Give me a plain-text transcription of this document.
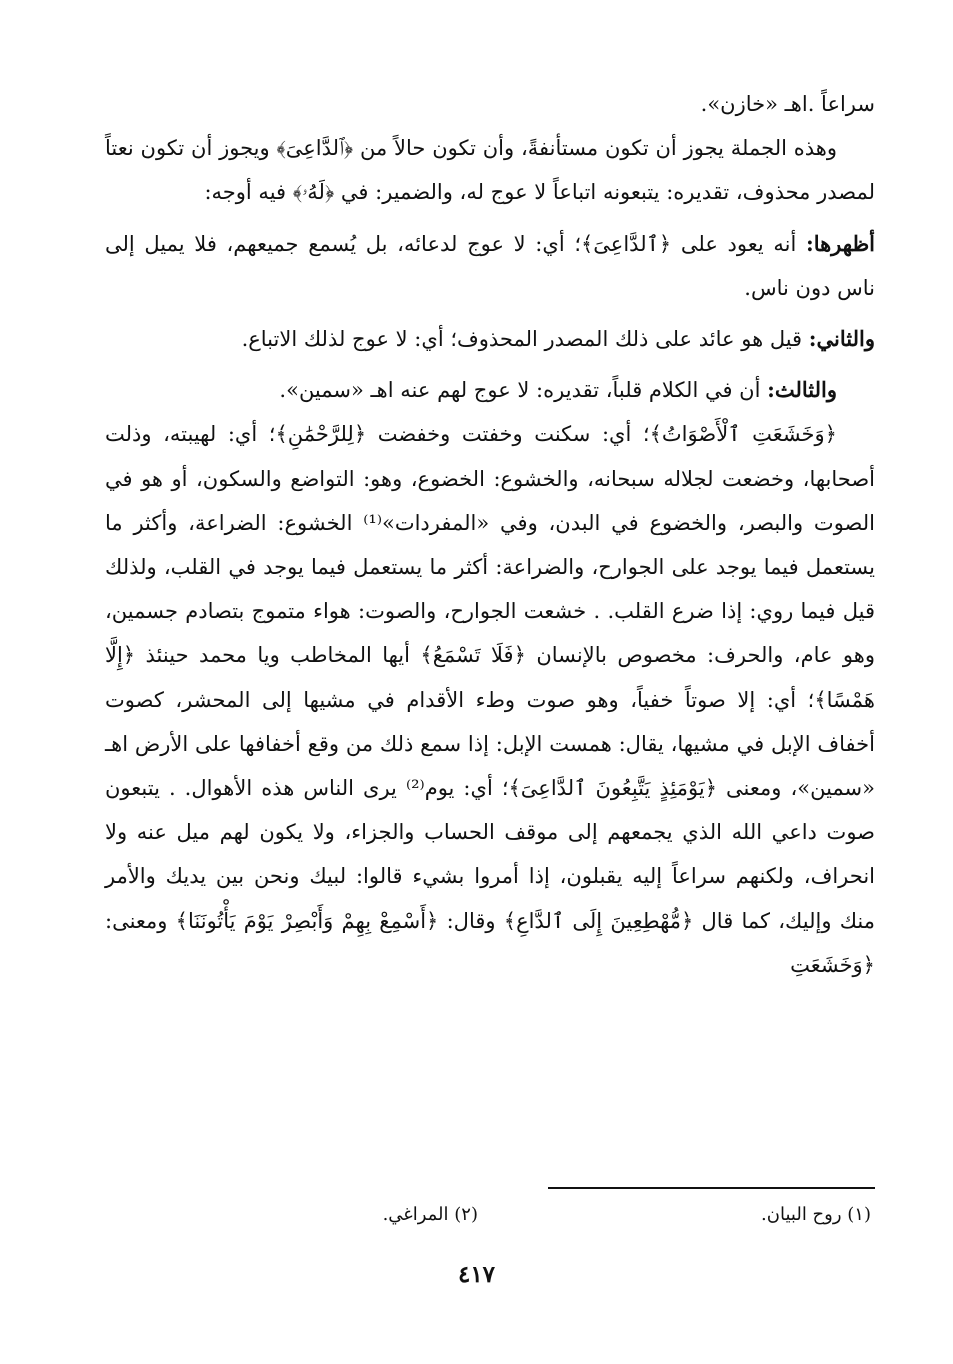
سراعاً .اهـ «خازن».

وهذه الجملة يجوز أن تكون مستأنفةً، وأن تكون حالاً من ﴿ٱلدَّاعِىَ﴾ ويجوز أن تكون نعتاً لمصدر محذوف، تقديره: يتبعونه اتباعاً لا عوج له، والضمير: في ﴿لَهُۥ﴾ فيه أوجه:

أظهرها: أنه يعود على ﴿ٱلدَّاعِىَ﴾؛ أي: لا عوج لدعائه، بل يُسمع جميعهم، فلا يميل إلى ناس دون ناس.

والثاني: قيل هو عائد على ذلك المصدر المحذوف؛ أي: لا عوج لذلك الاتباع.

والثالث: أن في الكلام قلباً، تقديره: لا عوج لهم عنه اهـ «سمين».

﴿وَخَشَعَتِ ٱلْأَصْوَاتُ﴾؛ أي: سكنت وخفتت وخفضت ﴿لِلرَّحْمَٰنِ﴾؛ أي: لهيبته، وذلت أصحابها، وخضعت لجلاله سبحانه، والخشوع: الخضوع، وهو: التواضع والسكون، أو هو في الصوت والبصر، والخضوع في البدن، وفي «المفردات»⁽¹⁾ الخشوع: الضراعة، وأكثر ما يستعمل فيما يوجد على الجوارح، والضراعة: أكثر ما يستعمل فيما يوجد في القلب، ولذلك قيل فيما روي: إذا ضرع القلب. . خشعت الجوارح، والصوت: هواء متموج بتصادم جسمين، وهو عام، والحرف: مخصوص بالإنسان ﴿فَلَا تَسْمَعُ﴾ أيها المخاطب ويا محمد حينئذ ﴿إِلَّا هَمْسًا﴾؛ أي: إلا صوتاً خفياً، وهو صوت وطء الأقدام في مشيها إلى المحشر، كصوت أخفاف الإبل في مشيها، يقال: همست الإبل: إذا سمع ذلك من وقع أخفافها على الأرض اهـ «سمين»، ومعنى ﴿يَوْمَئِذٍ يَتَّبِعُونَ ٱلدَّاعِىَ﴾؛ أي: يوم⁽²⁾ يرى الناس هذه الأهوال. . يتبعون صوت داعي الله الذي يجمعهم إلى موقف الحساب والجزاء، ولا يكون لهم ميل عنه ولا انحراف، ولكنهم سراعاً إليه يقبلون، إذا أمروا بشيء قالوا: لبيك ونحن بين يديك والأمر منك وإليك، كما قال ﴿مُّهْطِعِينَ إِلَى ٱلدَّاعِ﴾ وقال: ﴿أَسْمِعْ بِهِمْ وَأَبْصِرْ يَوْمَ يَأْتُونَنَا﴾ ومعنى: ﴿وَخَشَعَتِ

(١) روح البيان.
(٢) المراغي.
٤١٧
